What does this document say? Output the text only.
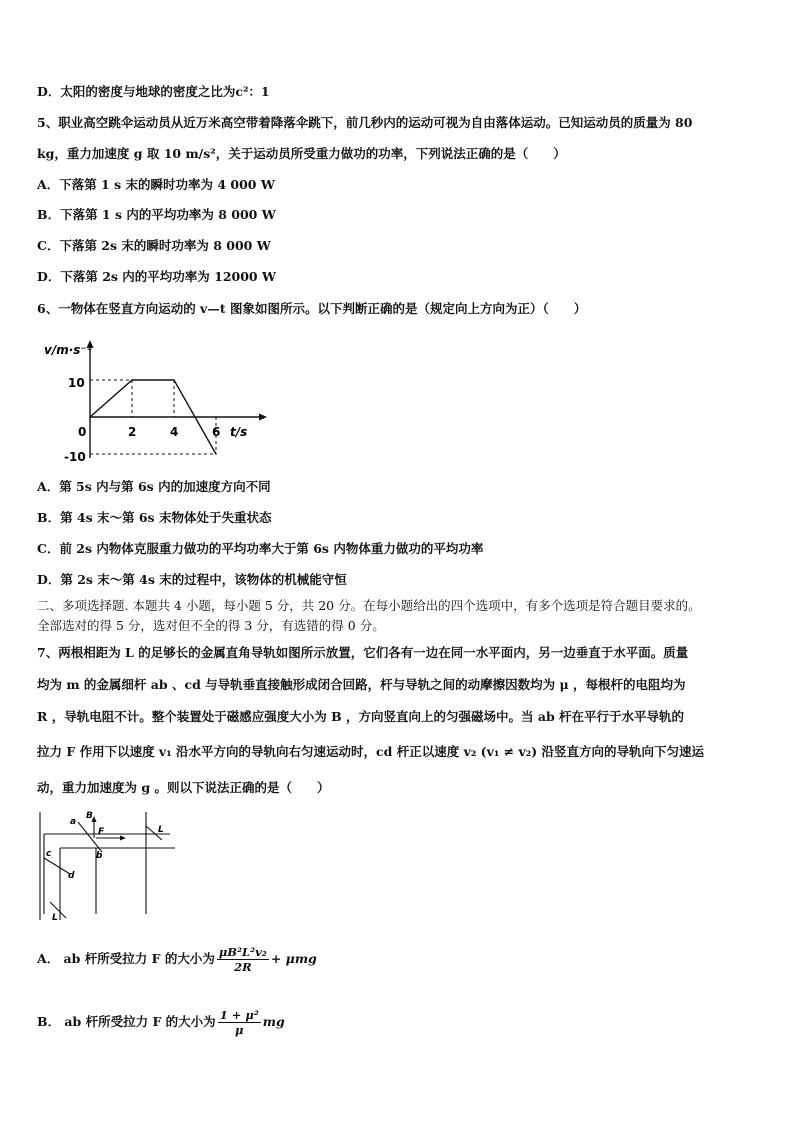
D．太阳的密度与地球的密度之比为c²：1
5、职业高空跳伞运动员从近万米高空带着降落伞跳下，前几秒内的运动可视为自由落体运动。已知运动员的质量为 80
kg，重力加速度 g 取 10 m/s²，关于运动员所受重力做功的功率，下列说法正确的是（　　）
A．下落第 1 s 末的瞬时功率为 4 000 W
B．下落第 1 s 内的平均功率为 8 000 W
C．下落第 2s 末的瞬时功率为 8 000 W
D．下落第 2s 内的平均功率为 12000 W
6、一物体在竖直方向运动的 v—t 图象如图所示。以下判断正确的是（规定向上方向为正）（　　）
v/m·s⁻¹
t/s
0	2	4	6
10
-10
A．第 5s 内与第 6s 内的加速度方向不同
B．第 4s 末～第 6s 末物体处于失重状态
C．前 2s 内物体克服重力做功的平均功率大于第 6s 内物体重力做功的平均功率
D．第 2s 末～第 4s 末的过程中，该物体的机械能守恒
二、多项选择题. 本题共 4 小题，每小题 5 分，共 20 分。在每小题给出的四个选项中，有多个选项是符合题目要求的。
全部选对的得 5 分，选对但不全的得 3 分，有选错的得 0 分。
7、两根相距为 L 的足够长的金属直角导轨如图所示放置，它们各有一边在同一水平面内，另一边垂直于水平面。质量
均为 m 的金属细杆 ab 、cd 与导轨垂直接触形成闭合回路，杆与导轨之间的动摩擦因数均为 μ ，每根杆的电阻均为
R ，导轨电阻不计。整个装置处于磁感应强度大小为 B ，方向竖直向上的匀强磁场中。当 ab 杆在平行于水平导轨的
拉力 F 作用下以速度 v₁ 沿水平方向的导轨向右匀速运动时，cd 杆正以速度 v₂ (v₁ ≠ v₂) 沿竖直方向的导轨向下匀速运
动，重力加速度为 g 。则以下说法正确的是（　　）
a
b
c
d
B
F	L
L
A． ab 杆所受拉力 F 的大小为 $\frac{\text{μB²L²v₂}}{2R} + \mu mg$
B． ab 杆所受拉力 F 的大小为 $\frac{\text{1 + μ²}}{\mu}$ mg
